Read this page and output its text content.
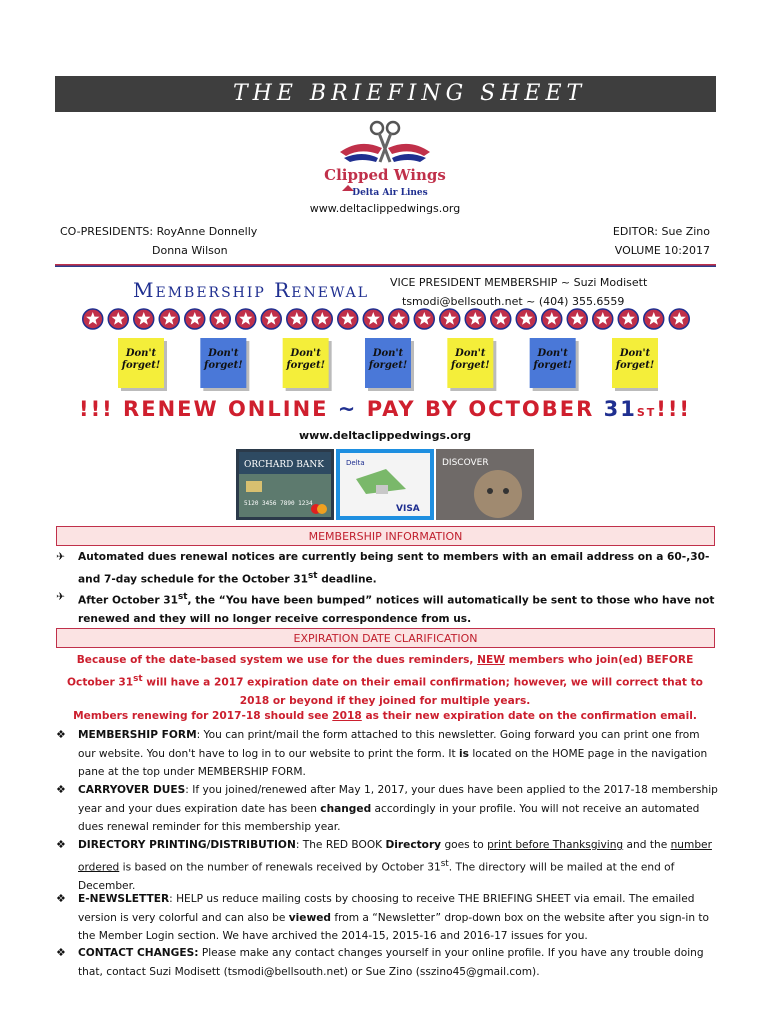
THE BRIEFING SHEET
Clipped Wings
Delta Air Lines
www.deltaclippedwings.org
CO-PRESIDENTS: RoyAnne Donnelly
Donna Wilson
EDITOR: Sue Zino
VOLUME 10:2017
Membership Renewal VICE PRESIDENT MEMBERSHIP ~ Suzi Modisett
tsmodi@bellsouth.net ~ (404) 355.6559
Don't
forget!
Don't
forget!
Don't
forget!
Don't
forget!
Don't
forget!
Don't
forget!
Don't
forget!
!!! RENEW ONLINE ~ PAY BY OCTOBER 31ST!!!
www.deltaclippedwings.org
ORCHARD BANK
5120 3456 7890 1234
Delta
VISA
DISCOVER
MEMBERSHIP INFORMATION
✈	Automated dues renewal notices are currently being sent to members with an email address on a 60-,30-and 7-day schedule for the October 31st deadline.
✈	After October 31st, the “You have been bumped” notices will automatically be sent to those who have not renewed and they will no longer receive correspondence from us.
EXPIRATION DATE CLARIFICATION
Because of the date-based system we use for the dues reminders, NEW members who join(ed) BEFORE October 31st will have a 2017 expiration date on their email confirmation; however, we will correct that to 2018 or beyond if they joined for multiple years.
Members renewing for 2017-18 should see 2018 as their new expiration date on the confirmation email.
❖	MEMBERSHIP FORM: You can print/mail the form attached to this newsletter. Going forward you can print one from our website. You don't have to log in to our website to print the form. It is located on the HOME page in the navigation pane at the top under MEMBERSHIP FORM.
❖	CARRYOVER DUES: If you joined/renewed after May 1, 2017, your dues have been applied to the 2017-18 membership year and your dues expiration date has been changed accordingly in your profile. You will not receive an automated dues renewal reminder for this membership year.
❖	DIRECTORY PRINTING/DISTRIBUTION: The RED BOOK Directory goes to print before Thanksgiving and the number ordered is based on the number of renewals received by October 31st. The directory will be mailed at the end of December.
❖	E-NEWSLETTER: HELP us reduce mailing costs by choosing to receive THE BRIEFING SHEET via email. The emailed version is very colorful and can also be viewed from a “Newsletter” drop-down box on the website after you sign-in to the Member Login section. We have archived the 2014-15, 2015-16 and 2016-17 issues for you.
❖	CONTACT CHANGES: Please make any contact changes yourself in your online profile. If you have any trouble doing that, contact Suzi Modisett (tsmodi@bellsouth.net) or Sue Zino (sszino45@gmail.com).
